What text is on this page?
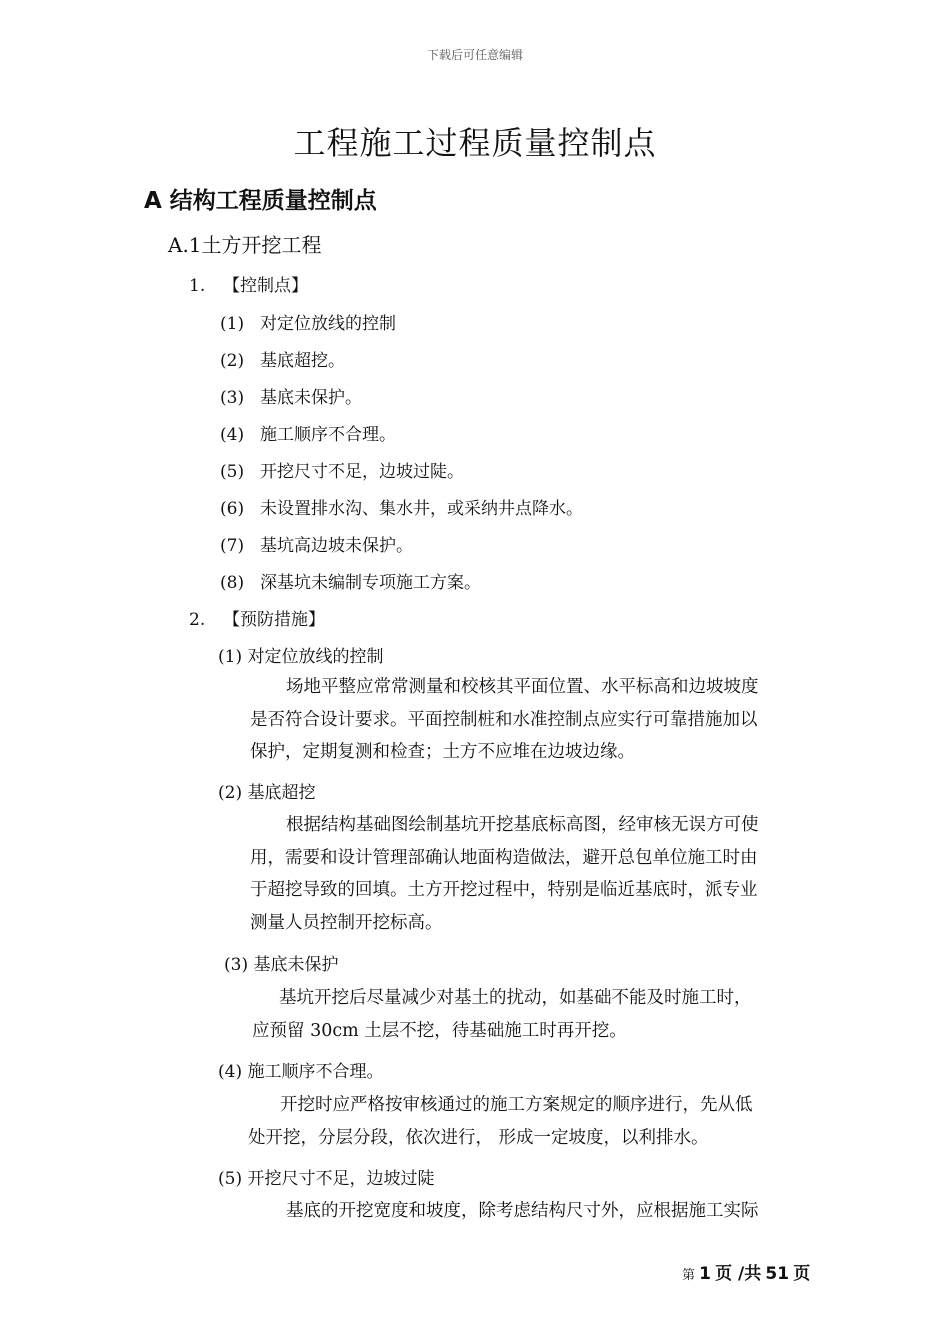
下载后可任意编辑
工程施工过程质量控制点
A 结构工程质量控制点
A.1土方开挖工程
1. 【控制点】
(1) 对定位放线的控制
(2) 基底超挖。
(3) 基底未保护。
(4) 施工顺序不合理。
(5) 开挖尺寸不足，边坡过陡。
(6) 未设置排水沟、集水井，或采纳井点降水。
(7) 基坑高边坡未保护。
(8) 深基坑未编制专项施工方案。
2. 【预防措施】
(1) 对定位放线的控制
场地平整应常常测量和校核其平面位置、水平标高和边坡坡度
是否符合设计要求。平面控制桩和水准控制点应实行可靠措施加以
保护，定期复测和检查；土方不应堆在边坡边缘。
(2) 基底超挖
根据结构基础图绘制基坑开挖基底标高图，经审核无误方可使
用，需要和设计管理部确认地面构造做法，避开总包单位施工时由
于超挖导致的回填。土方开挖过程中，特别是临近基底时，派专业
测量人员控制开挖标高。
(3) 基底未保护
基坑开挖后尽量减少对基土的扰动，如基础不能及时施工时，
应预留 30cm 土层不挖，待基础施工时再开挖。
(4) 施工顺序不合理。
开挖时应严格按审核通过的施工方案规定的顺序进行，先从低
处开挖，分层分段，依次进行， 形成一定坡度，以利排水。
(5) 开挖尺寸不足，边坡过陡
基底的开挖宽度和坡度，除考虑结构尺寸外，应根据施工实际
第 1 页 /共 51 页
